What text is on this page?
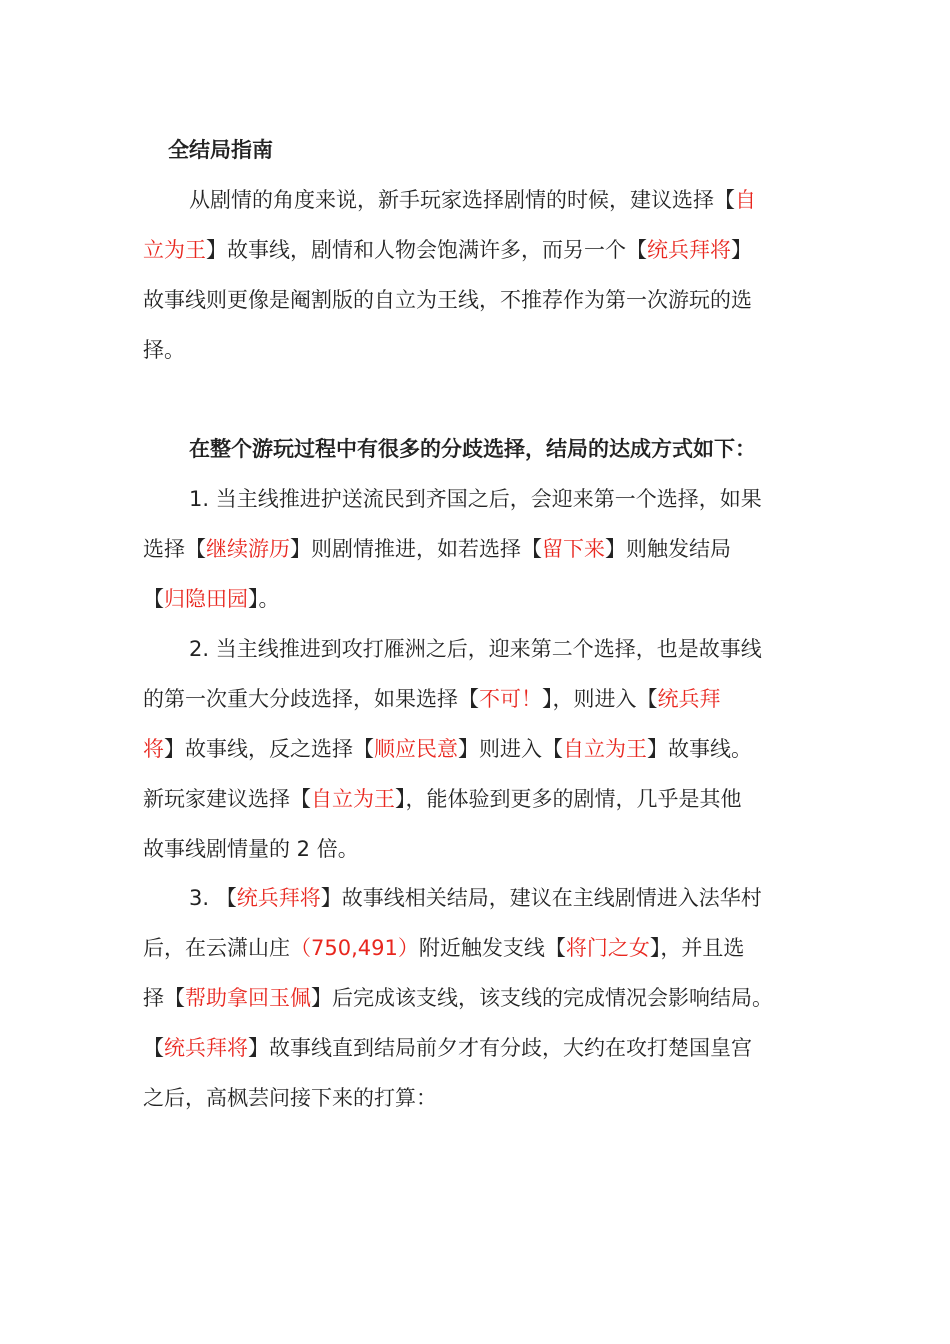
全结局指南

从剧情的角度来说，新手玩家选择剧情的时候，建议选择【自

立为王】故事线，剧情和人物会饱满许多，而另一个【统兵拜将】

故事线则更像是阉割版的自立为王线，不推荐作为第一次游玩的选

择。

在整个游玩过程中有很多的分歧选择，结局的达成方式如下：

1. 当主线推进护送流民到齐国之后，会迎来第一个选择，如果

选择【继续游历】则剧情推进，如若选择【留下来】则触发结局

【归隐田园】。

2. 当主线推进到攻打雁洲之后，迎来第二个选择，也是故事线

的第一次重大分歧选择，如果选择【不可！】，则进入【统兵拜

将】故事线，反之选择【顺应民意】则进入【自立为王】故事线。

新玩家建议选择【自立为王】，能体验到更多的剧情，几乎是其他

故事线剧情量的 2 倍。

3. 【统兵拜将】故事线相关结局，建议在主线剧情进入法华村

后，在云潇山庄（750,491）附近触发支线【将门之女】，并且选

择【帮助拿回玉佩】后完成该支线，该支线的完成情况会影响结局。

【统兵拜将】故事线直到结局前夕才有分歧，大约在攻打楚国皇宫

之后，高枫芸问接下来的打算：
